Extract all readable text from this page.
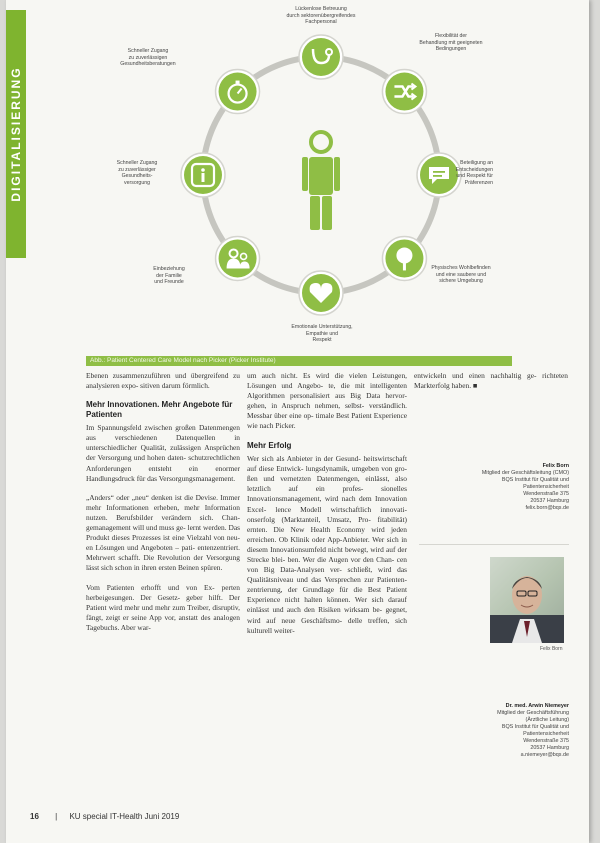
DIGITALISIERUNG
Lückenlose Betreuung
durch sektorenübergreifendes
Fachpersonal
Flexibilität der
Behandlung mit geeigneten
Bedingungen
Beteiligung an
Entscheidungen
und Respekt für
Präferenzen
Physisches Wohlbefinden
und eine saubere und
sichere Umgebung
Emotionale Unterstützung,
Empathie und
Respekt
Einbeziehung
der Familie
und Freunde
Schneller Zugang
zu zuverlässiger
Gesundheits-
versorgung
Schneller Zugang
zu zuverlässigen
Gesundheitsberatungen
Abb.: Patient Centered Care Model nach Picker (Picker Institute)

Ebenen zusammenzuführen und übergreifend zu analysieren expo- sitiven darum förmlich.

Mehr Innovationen. Mehr Angebote für Patienten

Im Spannungsfeld zwischen großen Datenmengen aus verschiedenen Datenquellen in unterschiedlicher Qualität, zulässigen Ansprüchen der Versorgung und hohen daten- schutzrechtlichen Anforderungen entsteht ein enormer Handlungsdruck für das Versorgungsmanagement.

„Anders“ oder „neu“ denken ist die Devise. Immer mehr Informationen erheben, mehr Information nutzen. Berufsbilder verändern sich. Chan- gemanagement will und muss ge- lernt werden. Das Produkt dieses Prozesses ist eine Vielzahl von neu- en Lösungen und Angeboten – pati- entenzentriert. Mehrwert schafft. Die Revolution der Versorgung lässt sich schon in ihren ersten Beinen spüren.

Vom Patienten erhofft und von Ex- perten herbeigesungen. Der Gesetz- geber hilft. Der Patient wird mehr und mehr zum Treiber, disruptiv, fängt, zeigt er seine App vor, anstatt des analogen Tagebuchs. Aber war-

um auch nicht. Es wird die vielen Leistungen, Lösungen und Angebo- te, die mit intelligenten Algorithmen personalisiert aus Big Data hervor- gehen, in Anspruch nehmen, selbst- verständlich. Messbar über eine op- timale Best Patient Experience wie nach Picker.

Mehr Erfolg

Wer sich als Anbieter in der Gesund- heitswirtschaft auf diese Entwick- lungsdynamik, umgeben von gro- ßen und vernetzten Datenmengen, einlässt, also letztlich auf ein profes- sionelles Innovationsmanagement, wird nach dem Innovation Excel- lence Modell wirtschaftlich innovati- onserfolg (Marktanteil, Umsatz, Pro- fitabilität) ernten. Die New Health Economy wird jeden erreichen. Ob Klinik oder App-Anbieter. Wer sich in diesem Innovationsumfeld nicht bewegt, wird auf der Strecke blei- ben. Wer die Augen vor den Chan- cen von Big Data-Analysen ver- schließt, wird das Qualitätsniveau und das Versprechen zur Patienten- zentrierung, der Grundlage für die Best Patient Experience nicht halten können. Wer sich darauf einlässt und auch den Risiken wirksam be- gegnet, wird auf neue Geschäftsmo- delle treffen, sich kulturell weiter-

entwickeln und einen nachhaltig ge- richteten Markterfolg haben. ■

Felix Born
Mitglied der Geschäftsleitung (CMO)
BQS Institut für Qualität und
Patientensicherheit
Wendenstraße 375
20537 Hamburg
felix.born@bqs.de
Felix Born
Dr. med. Arwin Niemeyer
Mitglied der Geschäftsführung
(Ärztliche Leitung)
BQS Institut für Qualität und
Patientensicherheit
Wendenstraße 375
20537 Hamburg
a.niemeyer@bqs.de
16 | KU special IT-Health Juni 2019
